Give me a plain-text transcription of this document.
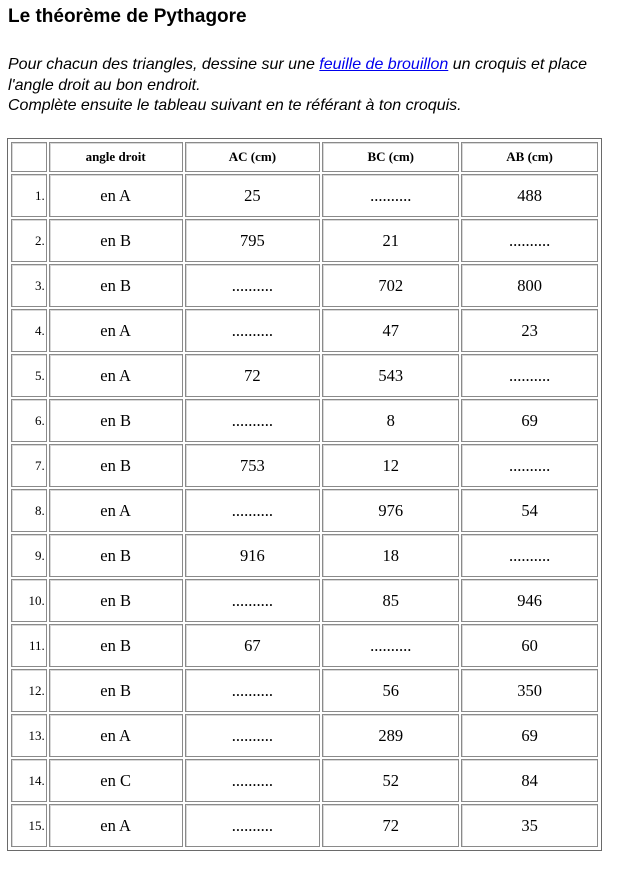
Le théorème de Pythagore

Pour chacun des triangles, dessine sur une feuille de brouillon un croquis et place l'angle droit au bon endroit.
Complète ensuite le tableau suivant en te référant à ton croquis.

	angle droit	AC (cm)	BC (cm)	AB (cm)
1.	en A	25	..........	488
2.	en B	795	21	..........
3.	en B	..........	702	800
4.	en A	..........	47	23
5.	en A	72	543	..........
6.	en B	..........	8	69
7.	en B	753	12	..........
8.	en A	..........	976	54
9.	en B	916	18	..........
10.	en B	..........	85	946
11.	en B	67	..........	60
12.	en B	..........	56	350
13.	en A	..........	289	69
14.	en C	..........	52	84
15.	en A	..........	72	35
